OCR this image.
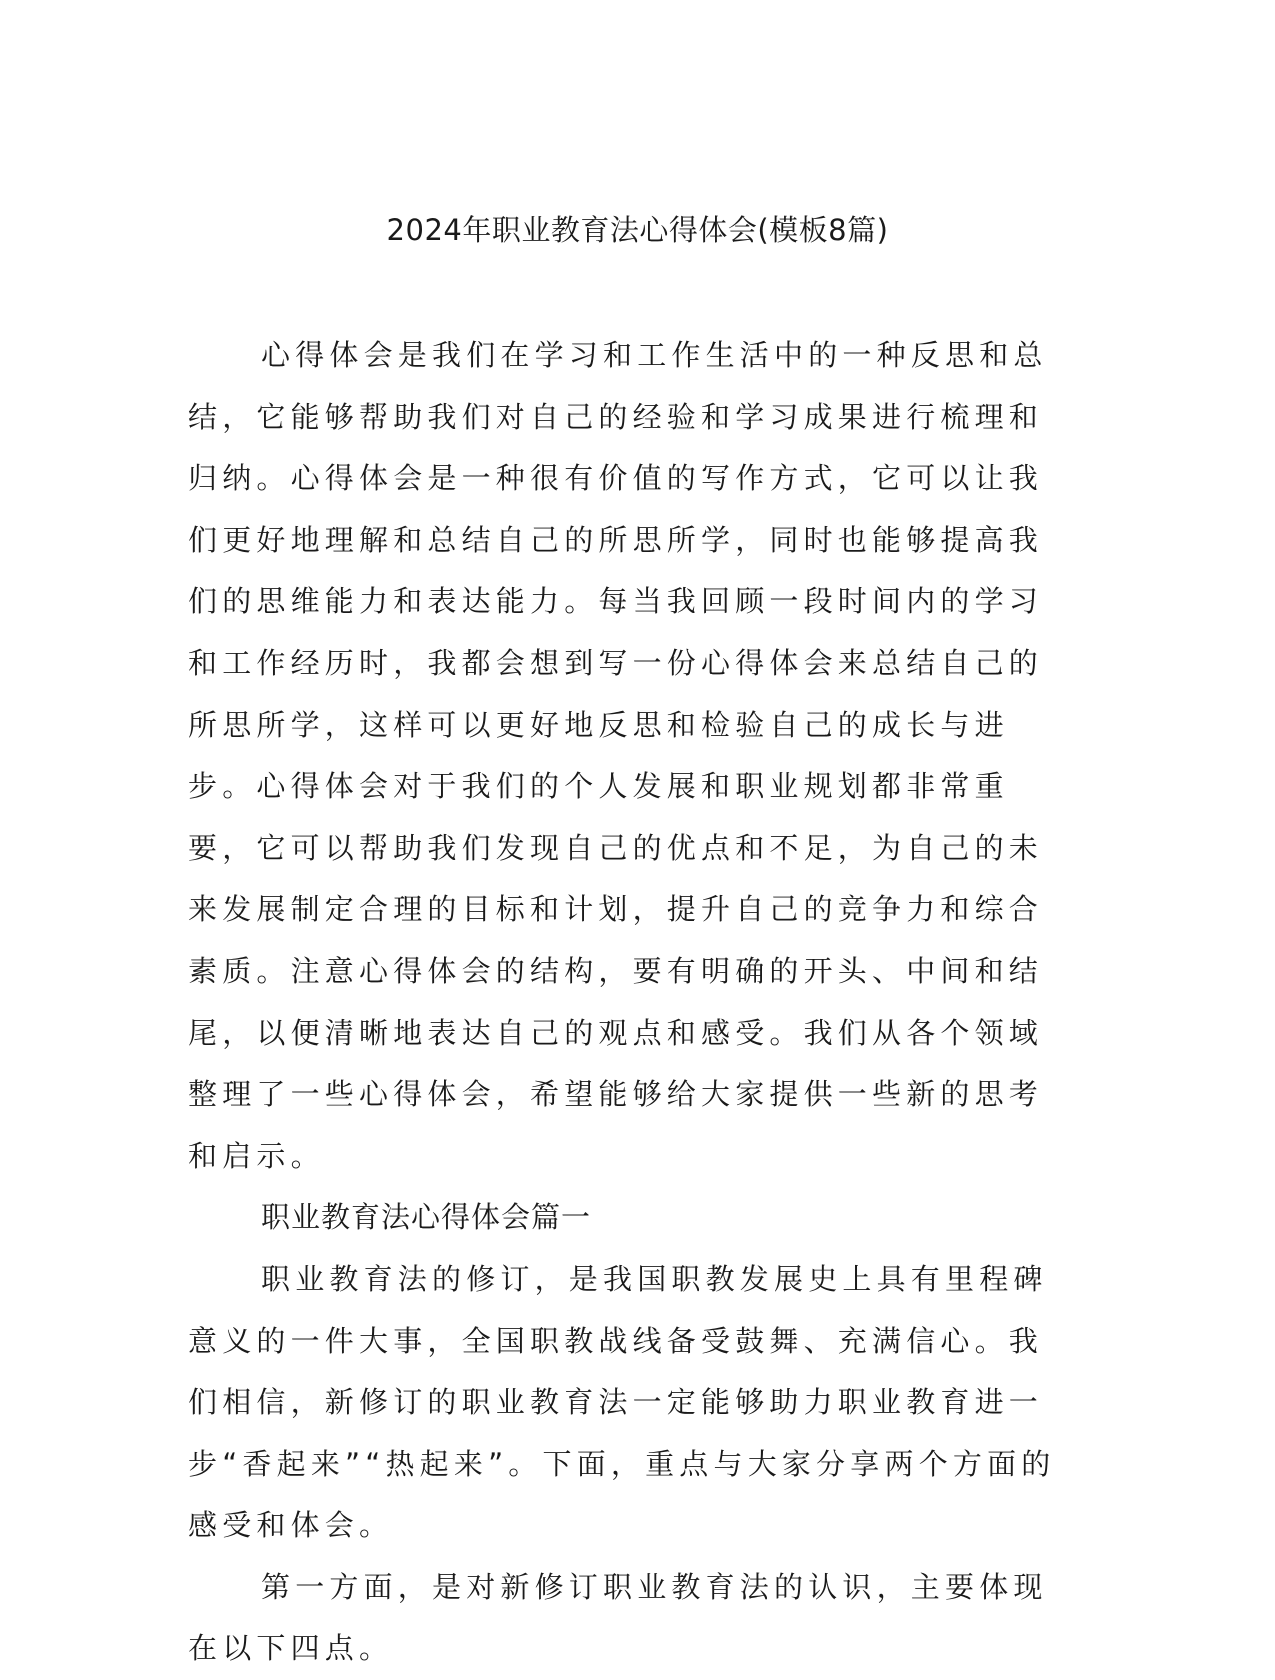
2024年职业教育法心得体会(模板8篇)

心得体会是我们在学习和工作生活中的一种反思和总结，它能够帮助我们对自己的经验和学习成果进行梳理和归纳。心得体会是一种很有价值的写作方式，它可以让我们更好地理解和总结自己的所思所学，同时也能够提高我们的思维能力和表达能力。每当我回顾一段时间内的学习和工作经历时，我都会想到写一份心得体会来总结自己的所思所学，这样可以更好地反思和检验自己的成长与进步。心得体会对于我们的个人发展和职业规划都非常重要，它可以帮助我们发现自己的优点和不足，为自己的未来发展制定合理的目标和计划，提升自己的竞争力和综合素质。注意心得体会的结构，要有明确的开头、中间和结尾，以便清晰地表达自己的观点和感受。我们从各个领域整理了一些心得体会，希望能够给大家提供一些新的思考和启示。

职业教育法心得体会篇一

职业教育法的修订，是我国职教发展史上具有里程碑意义的一件大事，全国职教战线备受鼓舞、充满信心。我们相信，新修订的职业教育法一定能够助力职业教育进一步“香起来”“热起来”。下面，重点与大家分享两个方面的感受和体会。

第一方面，是对新修订职业教育法的认识，主要体现在以下四点。
